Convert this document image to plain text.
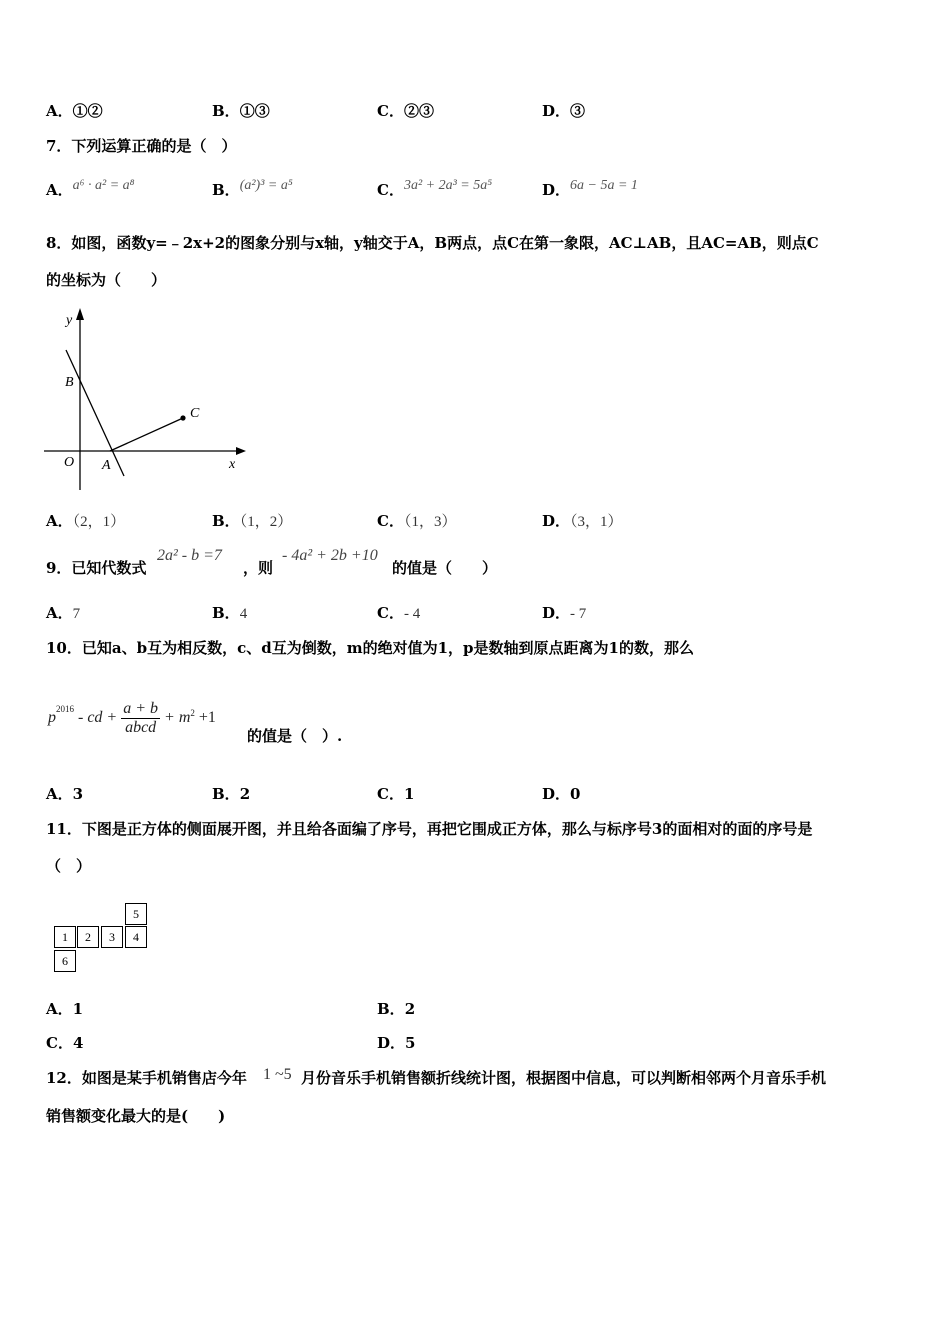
A．①②	B．①③	C．②③	D．③
7．下列运算正确的是（　）
A．a⁶ · a² = a⁸	B．(a²)³ = a⁵	C．3a² + 2a³ = 5a⁵	D．6a − 5a = 1
8．如图，函数y=﹣2x+2的图象分别与x轴，y轴交于A，B两点，点C在第一象限，AC⊥AB，且AC=AB，则点C
的坐标为（　　）
y
x
O A
B
C
A．（2，1）	B．（1，2）	C．（1，3）	D．（3，1）
9．已知代数式
2a² - b =7
，则
- 4a² + 2b +10
的值是（　　）
A．7	B．4	C．- 4	D．- 7
10．已知a、b互为相反数，c、d互为倒数，m的绝对值为1，p是数轴到原点距离为1的数，那么
$p^{2016}$ - cd + $\frac{a + b}{\text{abcd}} + m^2 +1$
的值是（　）.
A．3	B．2	C．1	D．0
11．下图是正方体的侧面展开图，并且给各面编了序号，再把它围成正方体，那么与标序号3的面相对的面的序号是
（　）
5
1	2	3	4
6
A．1	B．2
C．4	D．5
12．如图是某手机销售店今年 1 ~5 月份音乐手机销售额折线统计图，根据图中信息，可以判断相邻两个月音乐手机
销售额变化最大的是(　　)
